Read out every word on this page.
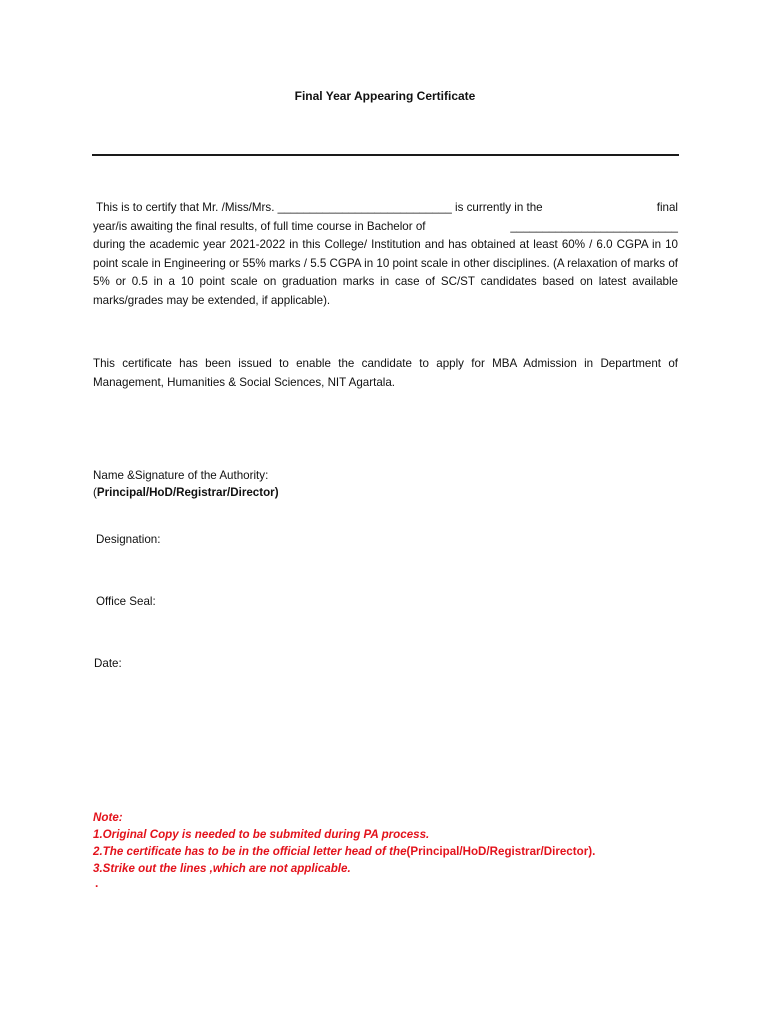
Final Year Appearing Certificate
This is to certify that Mr. /Miss/Mrs. ___________________________ is currently in the	final
year/is awaiting the final results, of full time course in Bachelor of	__________________________
during the academic year 2021-2022 in this College/ Institution and has obtained at least 60% / 6.0 CGPA in 10 point scale in Engineering or 55% marks / 5.5 CGPA in 10 point scale in other disciplines. (A relaxation of marks of 5% or 0.5 in a 10 point scale on graduation marks in case of SC/ST candidates based on latest available marks/grades may be extended, if applicable).
This certificate has been issued to enable the candidate to apply for MBA Admission in Department of Management, Humanities & Social Sciences, NIT Agartala.
Name &Signature of the Authority:
(Principal/HoD/Registrar/Director)
Designation:
Office Seal:
Date:
Note:
1.Original Copy is needed to be submited during PA process.
2.The certificate has to be in the official letter head of the(Principal/HoD/Registrar/Director).
3.Strike out the lines ,which are not applicable.
.
